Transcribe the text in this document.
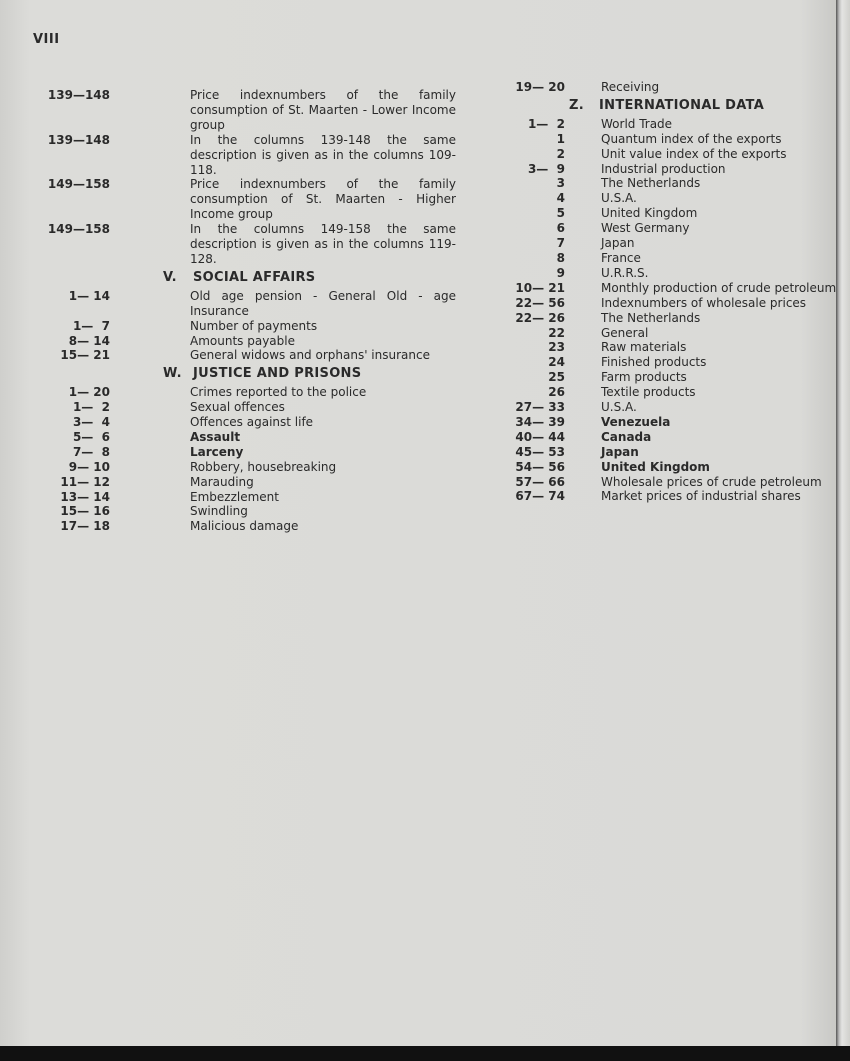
VIII
139—148	Price indexnumbers of the family consumption of St. Maarten - Lower Income group
139—148	In the columns 139-148 the same description is given as in the columns 109-118.
149—158	Price indexnumbers of the family consumption of St. Maarten - Higher Income group
149—158	In the columns 149-158 the same description is given as in the columns 119-128.
V. SOCIAL AFFAIRS
1— 14	Old age pension - General Old - age Insurance
1—  7	Number of payments
8— 14	Amounts payable
15— 21	General widows and orphans' insurance
W. JUSTICE AND PRISONS
1— 20	Crimes reported to the police
1—  2	Sexual offences
3—  4	Offences against life
5—  6	Assault
7—  8	Larceny
9— 10	Robbery, housebreaking
11— 12	Marauding
13— 14	Embezzlement
15— 16	Swindling
17— 18	Malicious damage
19— 20	Receiving
Z. INTERNATIONAL DATA
1—  2	World Trade
1	Quantum index of the exports
2	Unit value index of the exports
3—  9	Industrial production
3	The Netherlands
4	U.S.A.
5	United Kingdom
6	West Germany
7	Japan
8	France
9	U.R.R.S.
10— 21	Monthly production of crude petroleum
22— 56	Indexnumbers of wholesale prices
22— 26	The Netherlands
22	General
23	Raw materials
24	Finished products
25	Farm products
26	Textile products
27— 33	U.S.A.
34— 39	Venezuela
40— 44	Canada
45— 53	Japan
54— 56	United Kingdom
57— 66	Wholesale prices of crude petroleum
67— 74	Market prices of industrial shares
